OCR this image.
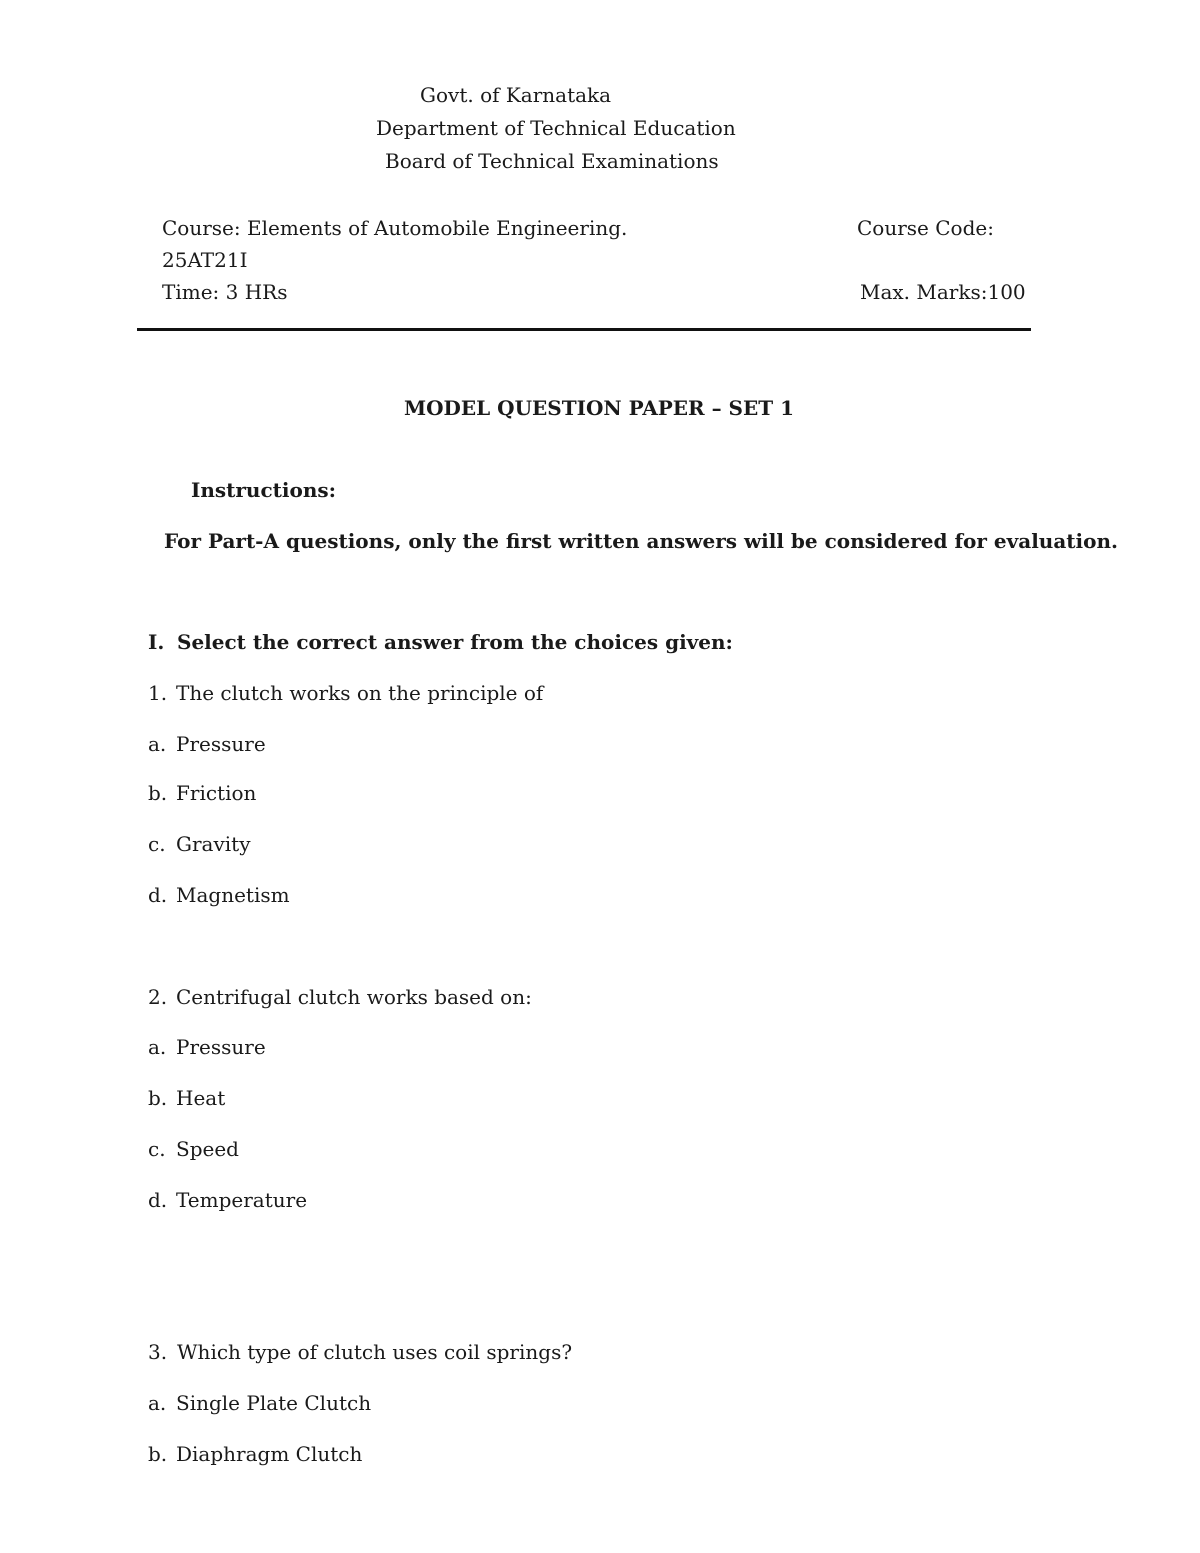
Govt. of Karnataka
Department of Technical Education
Board of Technical Examinations
Course: Elements of Automobile Engineering.	Course Code:
25AT21I
Time: 3 HRs	Max. Marks:100
MODEL QUESTION PAPER – SET 1
Instructions:
For Part-A questions, only the first written answers will be considered for evaluation.
I. Select the correct answer from the choices given:
1. The clutch works on the principle of
a. Pressure
b. Friction
c. Gravity
d. Magnetism
2. Centrifugal clutch works based on:
a. Pressure
b. Heat
c. Speed
d. Temperature
3. Which type of clutch uses coil springs?
a. Single Plate Clutch
b. Diaphragm Clutch
